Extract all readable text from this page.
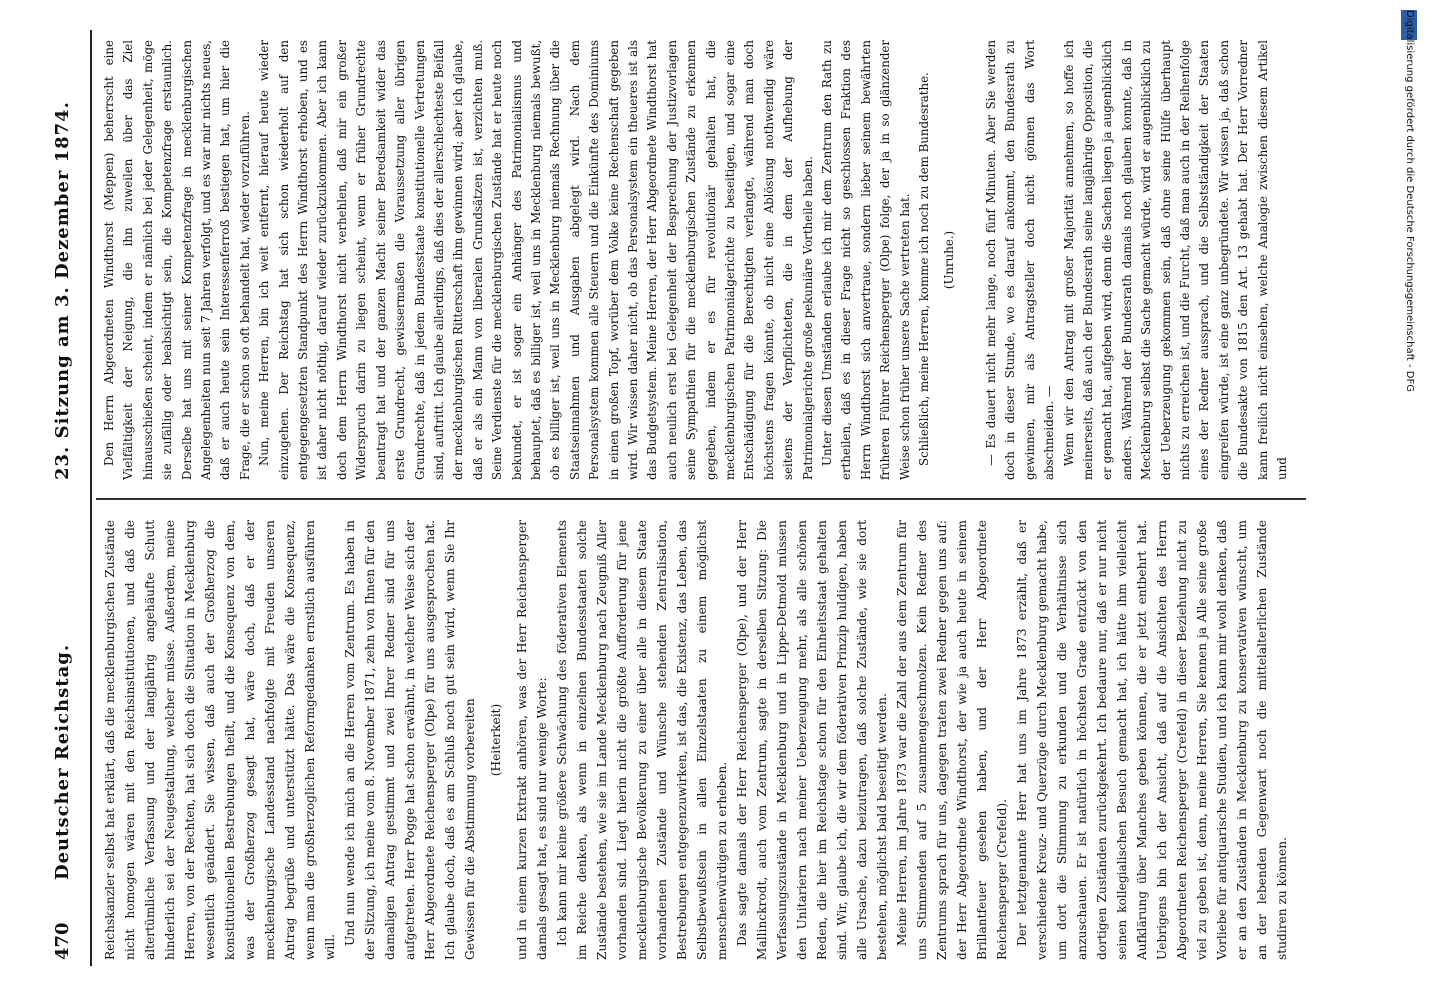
470
Deutscher Reichstag.
23. Sitzung am 3. Dezember 1874.

Reichskanzler selbst hat erklärt, daß die mecklenburgischen Zustände nicht homogen wären mit den Reichsinstitutionen, und daß die altertümliche Verfassung und der langjährig angehäufte Schutt hinderlich sei der Neugestaltung, welcher müsse. Außerdem, meine Herren, von der Rechten, hat sich doch die Situation in Mecklenburg wesentlich geändert. Sie wissen, daß auch der Großherzog die konstitutionellen Bestrebungen theilt, und die Konsequenz von dem, was der Großherzog gesagt hat, wäre doch, daß er der mecklenburgische Landesstand nachfolgte mit Freuden unseren Antrag begrüße und unterstützt hätte. Das wäre die Konsequenz, wenn man die großherzoglichen Reformgedanken ernstlich ausführen will.

Und nun wende ich mich an die Herren vom Zentrum. Es haben in der Sitzung, ich meine vom 8. November 1871, zehn von Ihnen für den damaligen Antrag gestimmt und zwei Ihrer Redner sind für uns aufgetreten. Herr Pogge hat schon erwähnt, in welcher Weise sich der Herr Abgeordnete Reichensperger (Olpe) für uns ausgesprochen hat. Ich glaube doch, daß es am Schluß noch gut sein wird, wenn Sie Ihr Gewissen für die Abstimmung vorbereiten (Heiterkeit) und in einem kurzen Extrakt anhören, was der Herr Reichensperger damals gesagt hat, es sind nur wenige Worte: Ich kann mir keine größere Schwächung des föderativen Elements im Reiche denken, als wenn in einzelnen Bundesstaaten solche Zustände bestehen, wie sie im Lande Mecklenburg nach Zeugniß Aller vorhanden sind. Liegt hierin nicht die größte Aufforderung für jene mecklenburgische Bevölkerung zu einer über alle in diesem Staate vorhandenen Zustände und Wünsche stehenden Zentralisation, Bestrebungen entgegenzuwirken, ist das, die Existenz, das Leben, das Selbstbewußtsein in allen Einzelstaaten zu einem möglichst menschenwürdigen zu erheben. Das sagte damals der Herr Reichensperger (Olpe), und der Herr Mallinckrodt, auch vom Zentrum, sagte in derselben Sitzung: Die Verfassungszustände in Mecklenburg und in Lippe-Detmold müssen den Unitariern nach meiner Ueberzeugung mehr, als alle schönen Reden, die hier im Reichstage schon für den Einheitsstaat gehalten sind. Wir, glaube ich, die wir dem föderativen Prinzip huldigen, haben alle Ursache, dazu beizutragen, daß solche Zustände, wie sie dort bestehen, möglichst bald beseitigt werden. Meine Herren, im Jahre 1873 war die Zahl der aus dem Zentrum für uns Stimmenden auf 5 zusammengeschmolzen. Kein Redner des Zentrums sprach für uns, dagegen traten zwei Redner gegen uns auf: der Herr Abgeordnete Windthorst, der wie ja auch heute in seinem Brillantfeuer gesehen haben, und der Herr Abgeordnete Reichensperger (Crefeld). Der letztgenannte Herr hat uns im Jahre 1873 erzählt, daß er verschiedene Kreuz- und Querzüge durch Mecklenburg gemacht habe, um dort die Stimmung zu erkunden und die Verhältnisse sich anzuschauen. Er ist natürlich in höchsten Grade entzückt von den dortigen Zuständen zurückgekehrt. Ich bedaure nur, daß er nur nicht seinen kollegialischen Besuch gemacht hat, ich hätte ihm vielleicht Aufklärung über Manches geben können, die er jetzt entbehrt hat. Uebrigens bin ich der Ansicht, daß auf die Ansichten des Herrn Abgeordneten Reichensperger (Crefeld) in dieser Beziehung nicht zu viel zu geben ist, denn, meine Herren, Sie kennen ja Alle seine große Vorliebe für antiquarische Studien, und ich kann mir wohl denken, daß er an den Zuständen in Mecklenburg zu konservativen wünscht, um an der lebenden Gegenwart noch die mittelalterlichen Zustände studiren zu können.

Den Herrn Abgeordneten Windthorst (Meppen) beherrscht eine Vielfältigkeit der Neigung, die ihn zuweilen über das Ziel hinausschießen scheint, indem er nämlich bei jeder Gelegenheit, möge sie zufällig oder beabsichtigt sein, die Kompetenzfrage erstaunlich. Derselbe hat uns mit seiner Kompetenzfrage in mecklenburgischen Angelegenheiten nun seit 7 Jahren verfolgt, und es war mir nichts neues, daß er auch heute sein Interessenferroß bestiegen hat, um hier die Frage, die er schon so oft behandelt hat, wieder vorzuführen. Nun, meine Herren, bin ich weit entfernt, hierauf heute wieder einzugehen. Der Reichstag hat sich schon wiederholt auf den entgegengesetzten Standpunkt des Herrn Windthorst erhoben, und es ist daher nicht nöthig, darauf wieder zurückzukommen. Aber ich kann doch dem Herrn Windthorst nicht verhehlen, daß mir ein großer Widerspruch darin zu liegen scheint, wenn er früher Grundrechte beantragt hat und der ganzen Macht seiner Beredsamkeit wider das erste Grundrecht, gewissermaßen die Voraussetzung aller übrigen Grundrechte, daß in jedem Bundesstaate konstitutionelle Vertretungen sind, auftritt. Ich glaube allerdings, daß dies der allerschlechteste Beifall der mecklenburgischen Ritterschaft ihm gewinnen wird; aber ich glaube, daß er als ein Mann von liberalen Grundsätzen ist, verzichten muß. Seine Verdienste für die mecklenburgischen Zustände hat er heute noch bekundet, er ist sogar ein Anhänger des Patrimonialismus und behauptet, daß es billiger ist, weil uns in Mecklenburg niemals bewußt, ob es billiger ist, weil uns in Mecklenburg niemals Rechnung über die Staatseinnahmen und Ausgaben abgelegt wird. Nach dem Personalsystem kommen alle Steuern und die Einkünfte des Dominiums in einen großen Topf, worüber dem Volke keine Rechenschaft gegeben wird. Wir wissen daher nicht, ob das Personalsystem ein theueres ist als das Budgetsystem. Meine Herren, der Herr Abgeordnete Windthorst hat auch neulich erst bei Gelegenheit der Besprechung der Justizvorlagen seine Sympathien für die mecklenburgischen Zustände zu erkennen gegeben, indem er es für revolutionär gehalten hat, die mecklenburgischen Patrimonialgerichte zu beseitigen, und sogar eine Entschädigung für die Berechtigten verlangte, während man doch höchstens fragen könnte, ob nicht eine Ablösung nothwendig wäre seitens der Verpflichteten, die in dem der Aufhebung der Patrimonialgerichte große pekuniäre Vortheile haben. Unter diesen Umständen erlaube ich mir dem Zentrum den Rath zu ertheilen, daß es in dieser Frage nicht so geschlossen Fraktion des Herrn Windthorst sich anvertraue, sondern lieber seinem bewährten früheren Führer Reichensperger (Olpe) folge, der ja in so glänzender Weise schon früher unsere Sache vertreten hat. Schließlich, meine Herren, komme ich noch zu dem Bundesrathe. (Unruhe.) — Es dauert nicht mehr lange, noch fünf Minuten. Aber Sie werden doch in dieser Stunde, wo es darauf ankommt, den Bundesrath zu gewinnen, mir als Antragsteller doch nicht gönnen das Wort abschneiden. — Wenn wir den Antrag mit großer Majorität annehmen, so hoffe ich meinerseits, daß auch der Bundesrath seine langjährige Opposition, die er gemacht hat, aufgeben wird, denn die Sachen liegen ja augenblicklich anders. Während der Bundesrath damals noch glauben konnte, daß in Mecklenburg selbst die Sache gemacht würde, wird er augenblicklich zu der Ueberzeugung gekommen sein, daß ohne seine Hülfe überhaupt nichts zu erreichen ist, und die Furcht, daß man auch in der Reihenfolge eines der Redner aussprach, und die Selbstständigkeit der Staaten eingreifen würde, ist eine ganz unbegründete. Wir wissen ja, daß schon die Bundesakte von 1815 den Art. 13 gehabt hat. Der Herr Vorredner kann freilich nicht einsehen, welche Analogie zwischen diesem Artikel und

Digitalisierung gefördert durch die Deutsche Forschungsgemeinschaft - DFG
